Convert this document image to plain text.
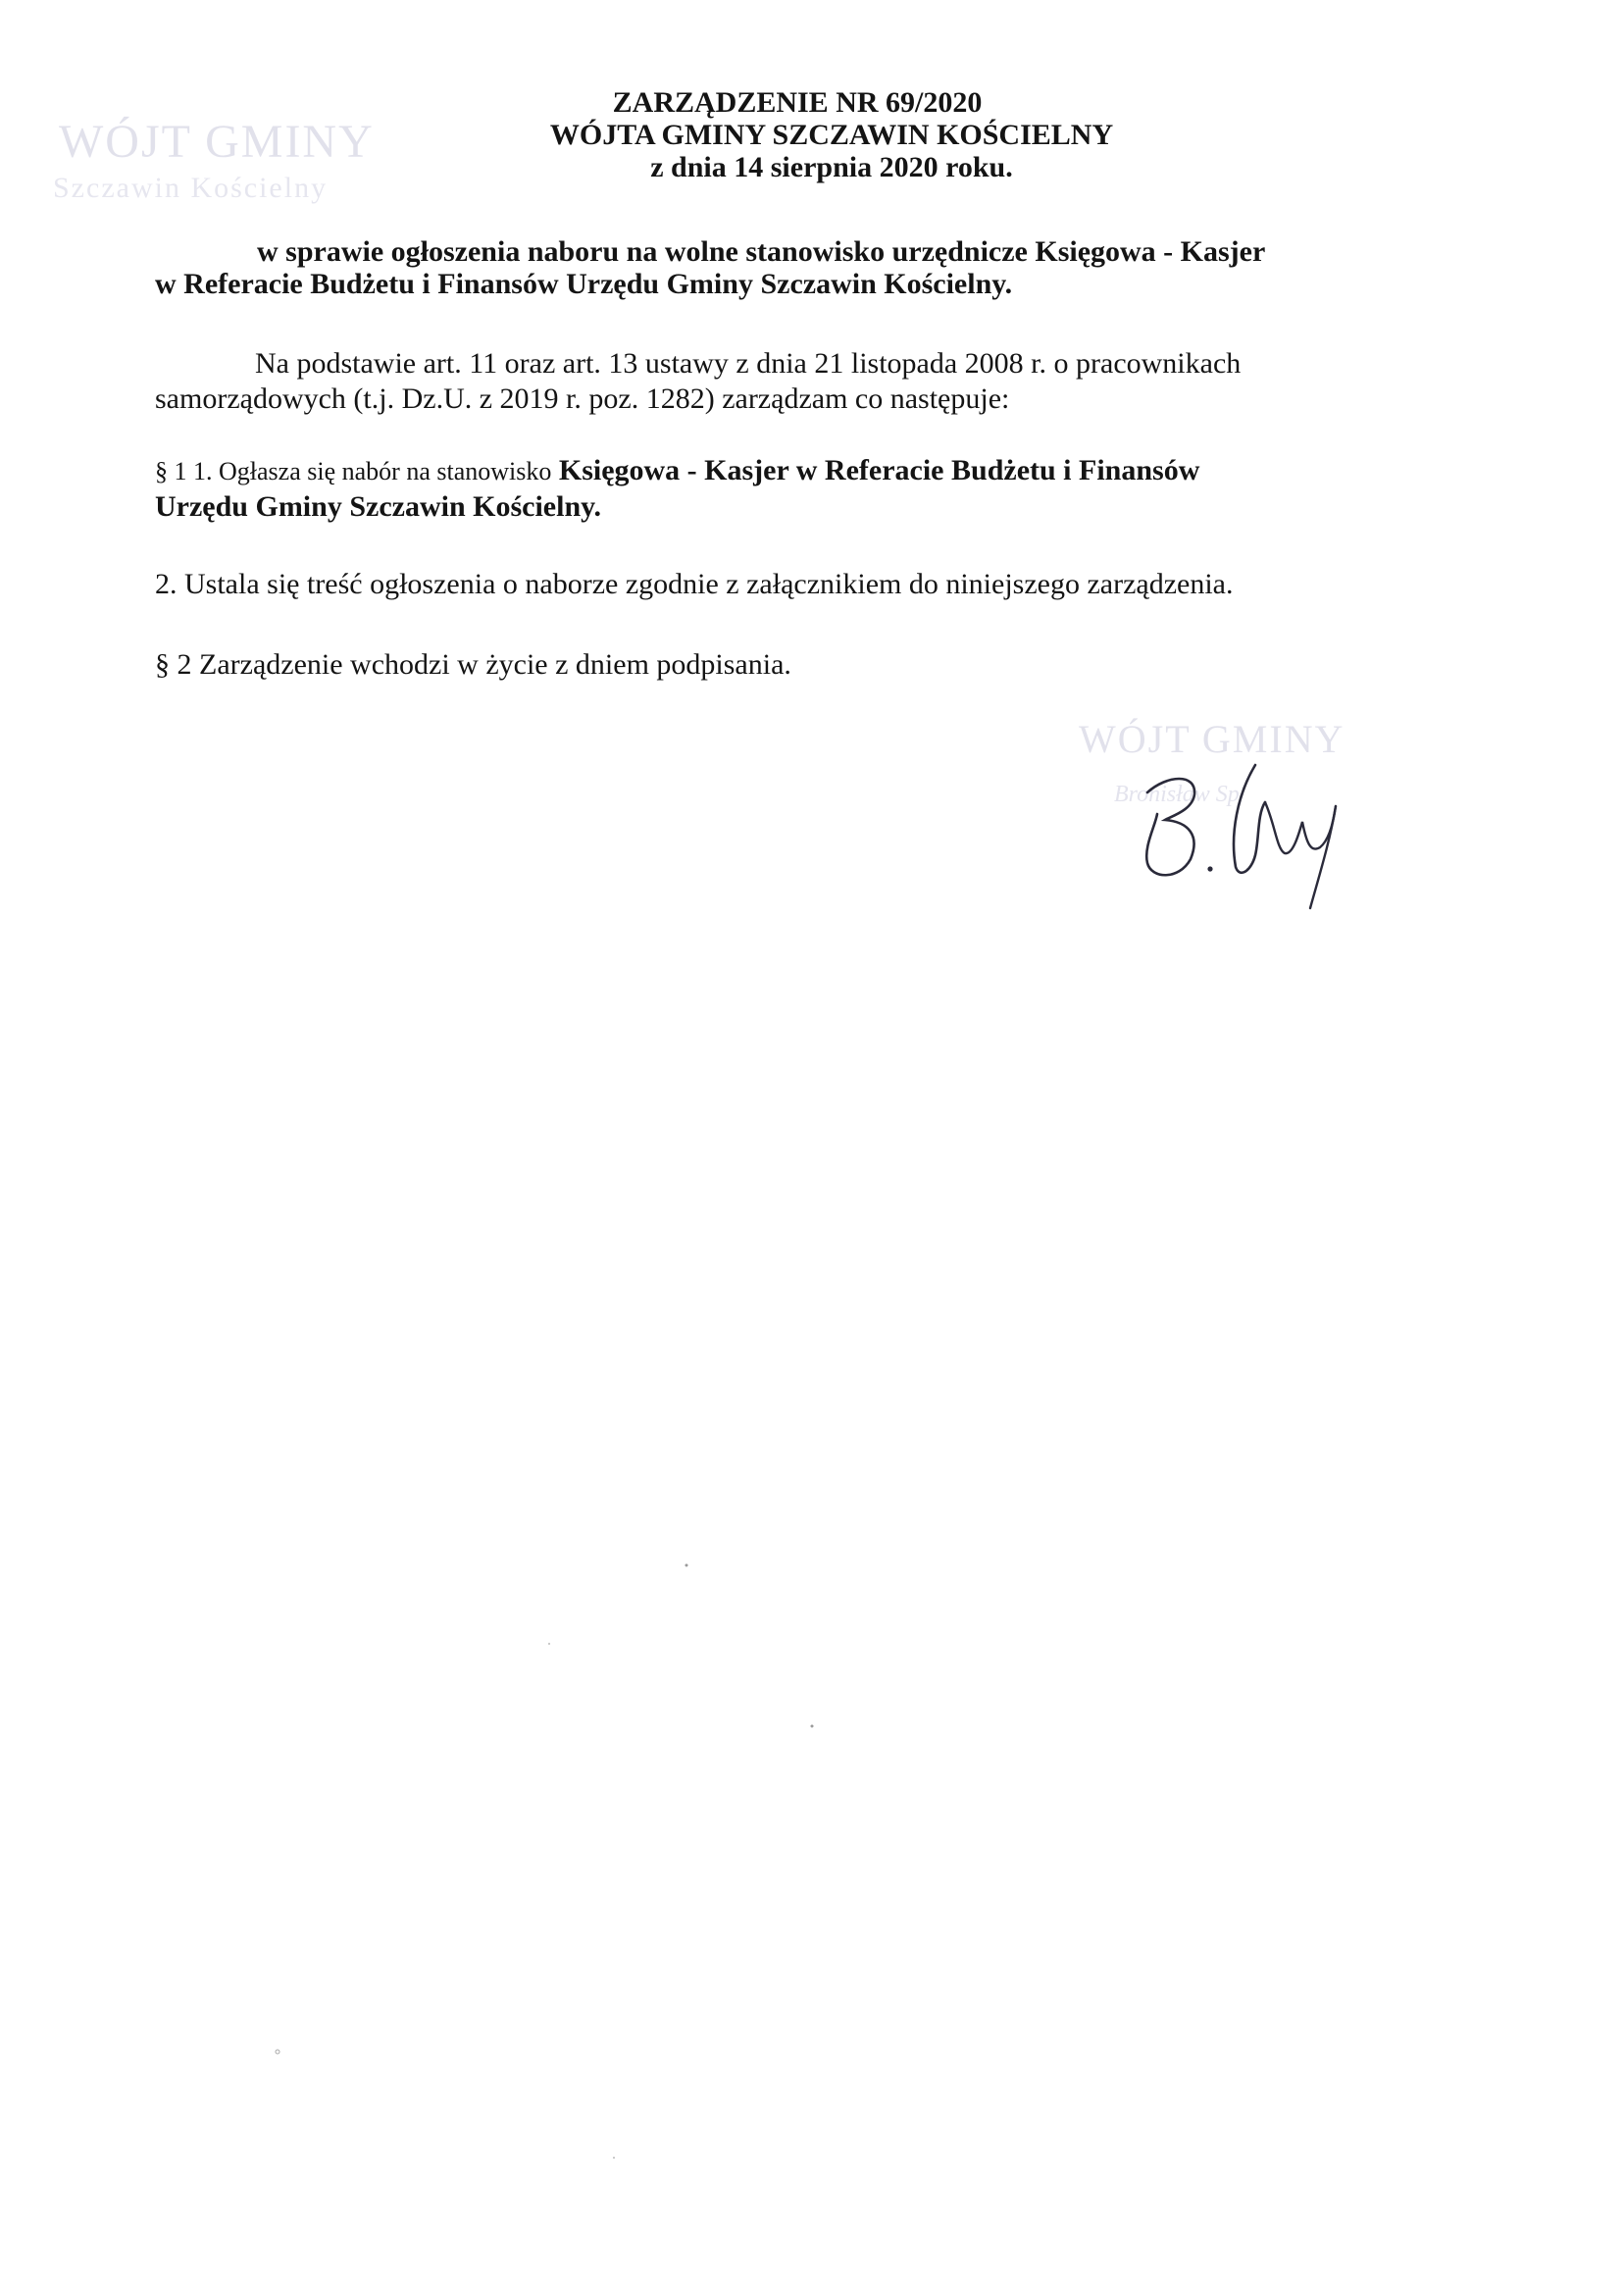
WÓJT GMINY
Szczawin Kościelny
ZARZĄDZENIE NR 69/2020
WÓJTA GMINY SZCZAWIN KOŚCIELNY
z dnia 14 sierpnia 2020 roku.
w sprawie ogłoszenia naboru na wolne stanowisko urzędnicze Księgowa - Kasjer
w Referacie Budżetu i Finansów Urzędu Gminy Szczawin Kościelny.
Na podstawie art. 11 oraz art. 13 ustawy z dnia 21 listopada 2008 r. o pracownikach
samorządowych (t.j. Dz.U. z 2019 r. poz. 1282) zarządzam co następuje:
§ 1 1. Ogłasza się nabór na stanowisko Księgowa - Kasjer w Referacie Budżetu i Finansów
Urzędu Gminy Szczawin Kościelny.
2. Ustala się treść ogłoszenia o naborze zgodnie z załącznikiem do niniejszego zarządzenia.
§ 2 Zarządzenie wchodzi w życie z dniem podpisania.
WÓJT GMINY
Bronisław Sp
